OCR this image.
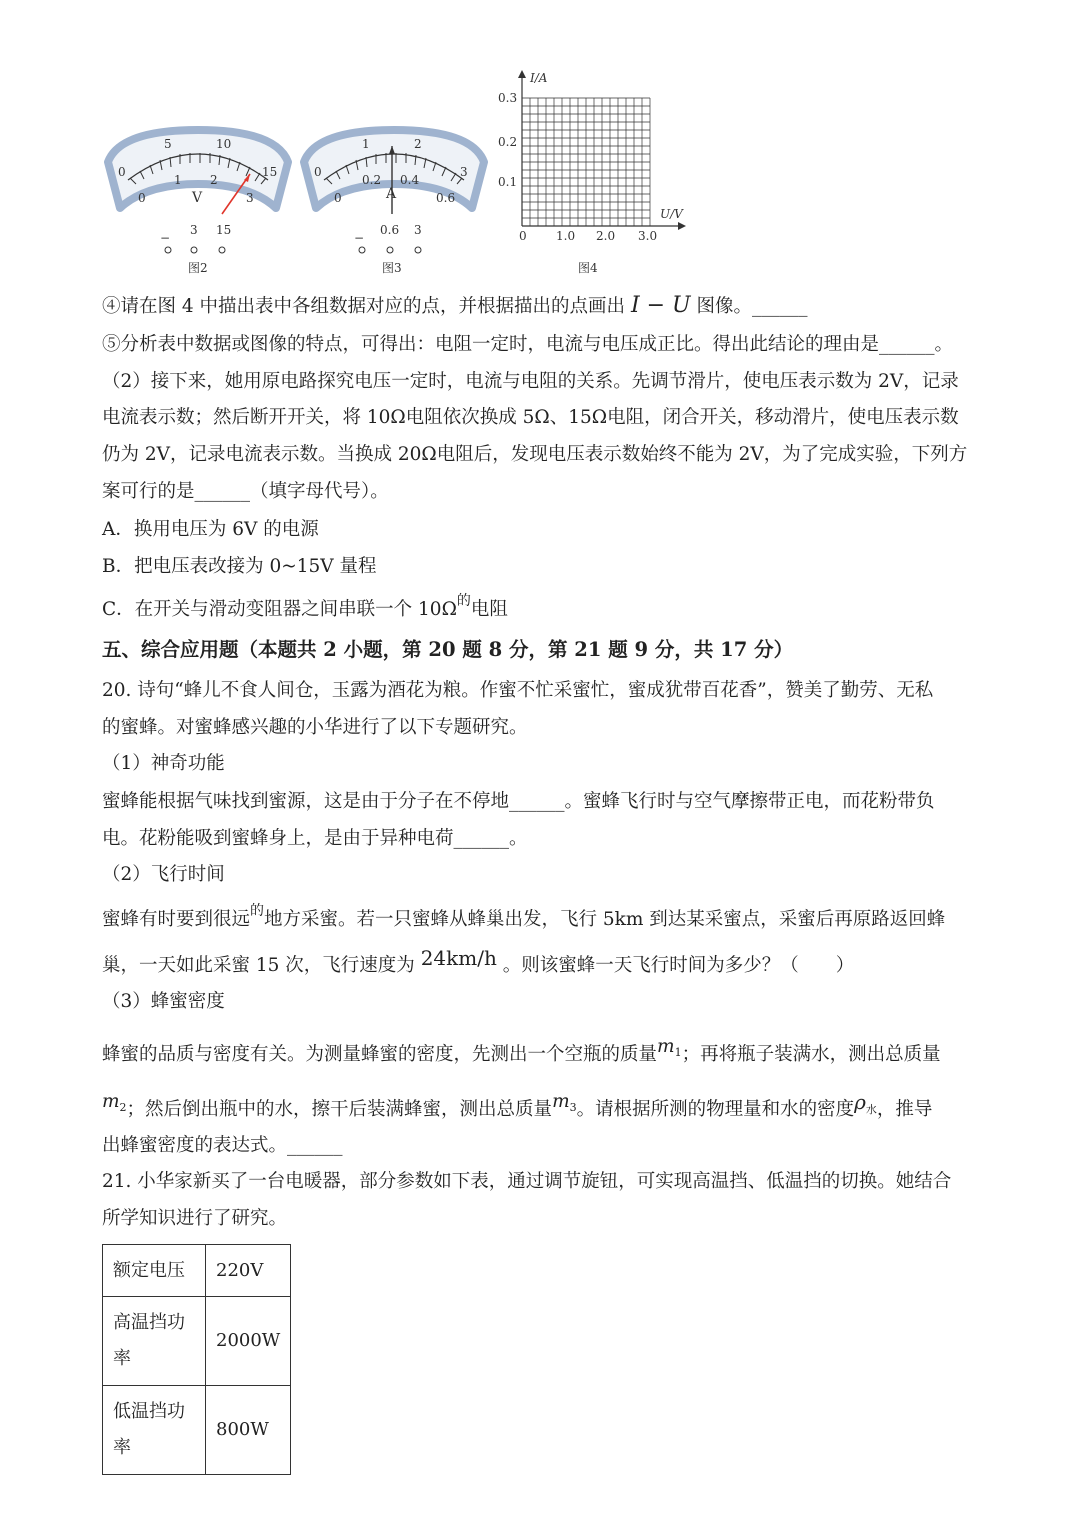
0
5	10
15
0
1 2
3
V
−
3 15
图2
0
1	2
3
0
0.2 0.4
0.6
A
−
0.6 3
图3
I/A
U/V
0.1
0.2
0.3
0 1.0 2.0 3.0
图4
④请在图 4 中描出表中各组数据对应的点，并根据描出的点画出 I − U 图像。______
⑤分析表中数据或图像的特点，可得出：电阻一定时，电流与电压成正比。得出此结论的理由是______。
（2）接下来，她用原电路探究电压一定时，电流与电阻的关系。先调节滑片，使电压表示数为 2V，记录
电流表示数；然后断开开关，将 10Ω电阻依次换成 5Ω、15Ω电阻，闭合开关，移动滑片，使电压表示数
仍为 2V，记录电流表示数。当换成 20Ω电阻后，发现电压表示数始终不能为 2V，为了完成实验，下列方
案可行的是______（填字母代号）。
A．换用电压为 6V 的电源
B．把电压表改接为 0~15V 量程
C．在开关与滑动变阻器之间串联一个 $10\Omega^的$电阻
五、综合应用题（本题共 2 小题，第 20 题 8 分，第 21 题 9 分，共 17 分）
20. 诗句“蜂儿不食人间仓，玉露为酒花为粮。作蜜不忙采蜜忙，蜜成犹带百花香”，赞美了勤劳、无私
的蜜蜂。对蜜蜂感兴趣的小华进行了以下专题研究。
（1）神奇功能
蜜蜂能根据气味找到蜜源，这是由于分子在不停地______。蜜蜂飞行时与空气摩擦带正电，而花粉带负
电。花粉能吸到蜜蜂身上，是由于异种电荷______。
（2）飞行时间
蜜蜂有时要到很远$^的$地方采蜜。若一只蜜蜂从蜂巢出发，飞行 5km 到达某采蜜点，采蜜后再原路返回蜂
巢，一天如此采蜜 15 次，飞行速度为 24km/h 。则该蜜蜂一天飞行时间为多少？（　　）
（3）蜂蜜密度
蜂蜜的品质与密度有关。为测量蜂蜜的密度，先测出一个空瓶的质量$m^1$；再将瓶子装满水，测出总质量
$m^2$；然后倒出瓶中的水，擦干后装满蜂蜜，测出总质量$m^3$。请根据所测的物理量和水的密度ρ水，推导
出蜂蜜密度的表达式。______
21. 小华家新买了一台电暖器，部分参数如下表，通过调节旋钮，可实现高温挡、低温挡的切换。她结合
所学知识进行了研究。
额定电压	220V
高温挡功
率	2000W
低温挡功
率	800W
